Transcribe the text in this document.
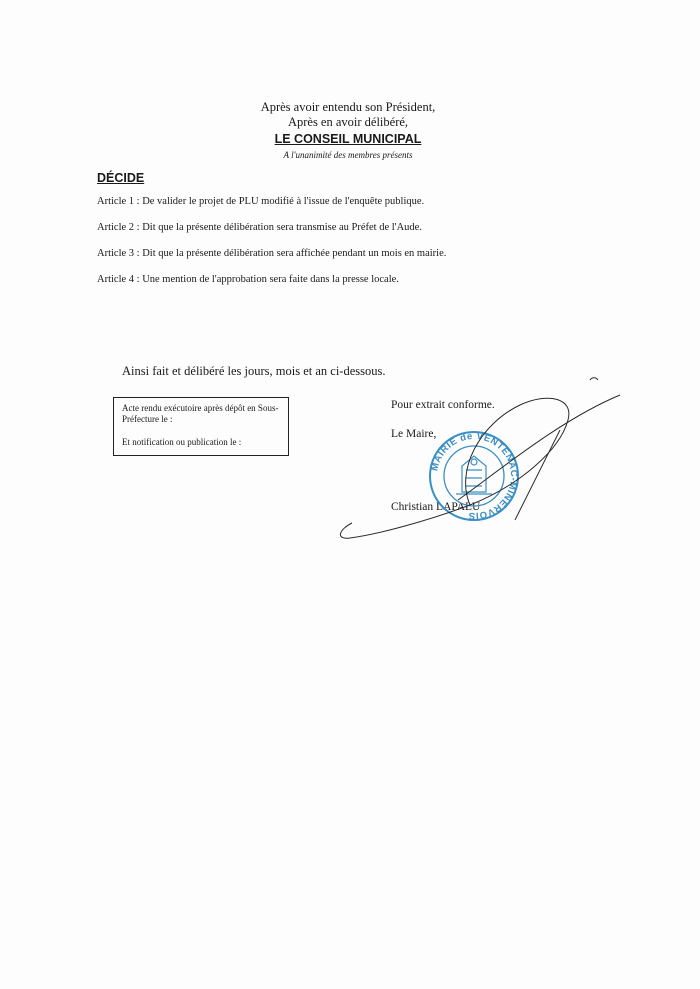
Après avoir entendu son Président,
Après en avoir délibéré,
LE CONSEIL MUNICIPAL
A l'unanimité des membres présents
DÉCIDE
Article 1 : De valider le projet de PLU modifié à l'issue de l'enquête publique.
Article 2 : Dit que la présente délibération sera transmise au Préfet de l'Aude.
Article 3 : Dit que la présente délibération sera affichée pendant un mois en mairie.
Article 4 : Une mention de l'approbation sera faite dans la presse locale.
Ainsi fait et délibéré les jours, mois et an ci-dessous.
Acte rendu exécutoire après dépôt en Sous-Préfecture le :
Et notification ou publication le :
Pour extrait conforme.
Le Maire,
Christian LAPALU
MAIRIE de VENTENAC-MINERVOIS
